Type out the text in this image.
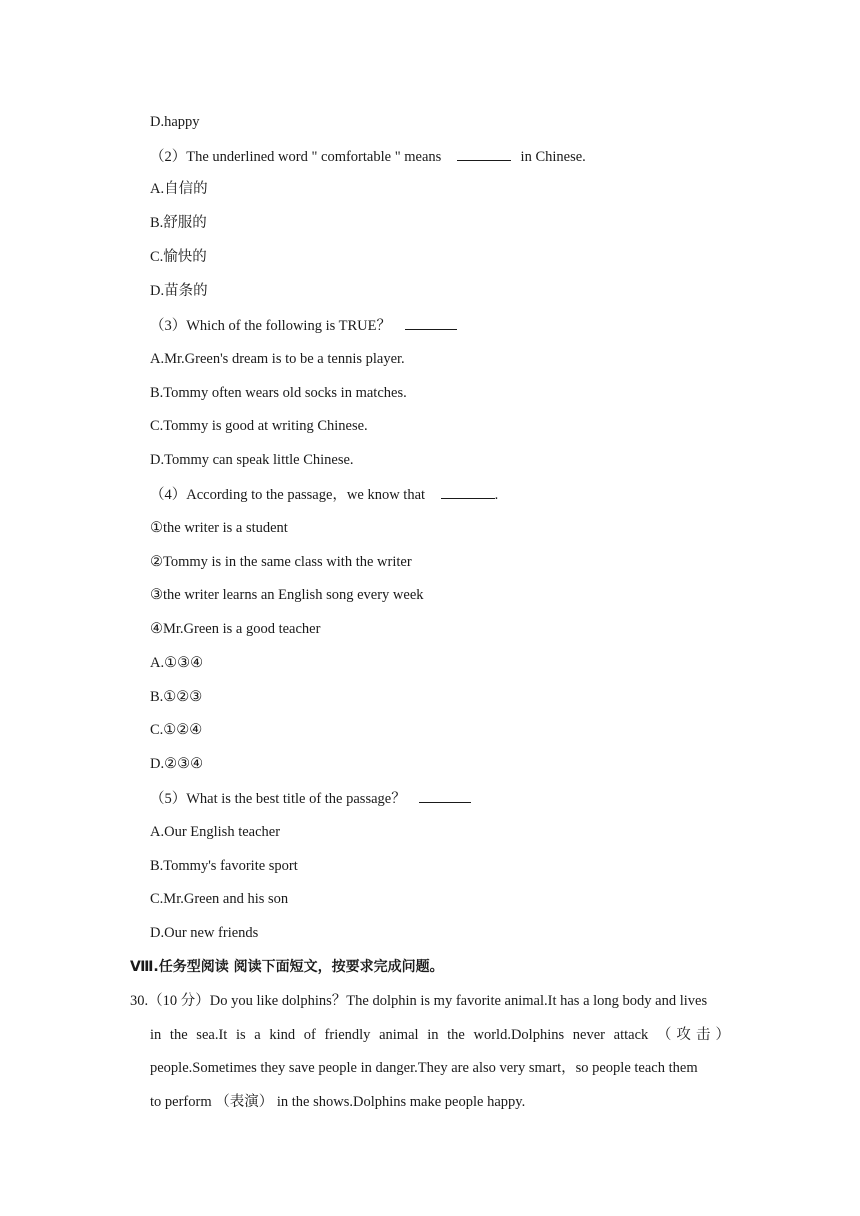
D.happy
（2）The underlined word " comfortable " means	in Chinese.
A.自信的
B.舒服的
C.愉快的
D.苗条的
（3）Which of the following is TRUE？
A.Mr.Green's dream is to be a tennis player.
B.Tommy often wears old socks in matches.
C.Tommy is good at writing Chinese.
D.Tommy can speak little Chinese.
（4）According to the passage，we know that	.
①the writer is a student
②Tommy is in the same class with the writer
③the writer learns an English song every week
④Mr.Green is a good teacher
A.①③④
B.①②③
C.①②④
D.②③④
（5）What is the best title of the passage？
A.Our English teacher
B.Tommy's favorite sport
C.Mr.Green and his son
D.Our new friends
Ⅷ.任务型阅读 阅读下面短文，按要求完成问题。
30.（10 分）Do you like dolphins？The dolphin is my favorite animal.It has a long body and lives
in the sea.It is a kind of friendly animal in the world.Dolphins never attack （攻击）
people.Sometimes they save people in danger.They are also very smart，so people teach them
to perform （表演） in the shows.Dolphins make people happy.
